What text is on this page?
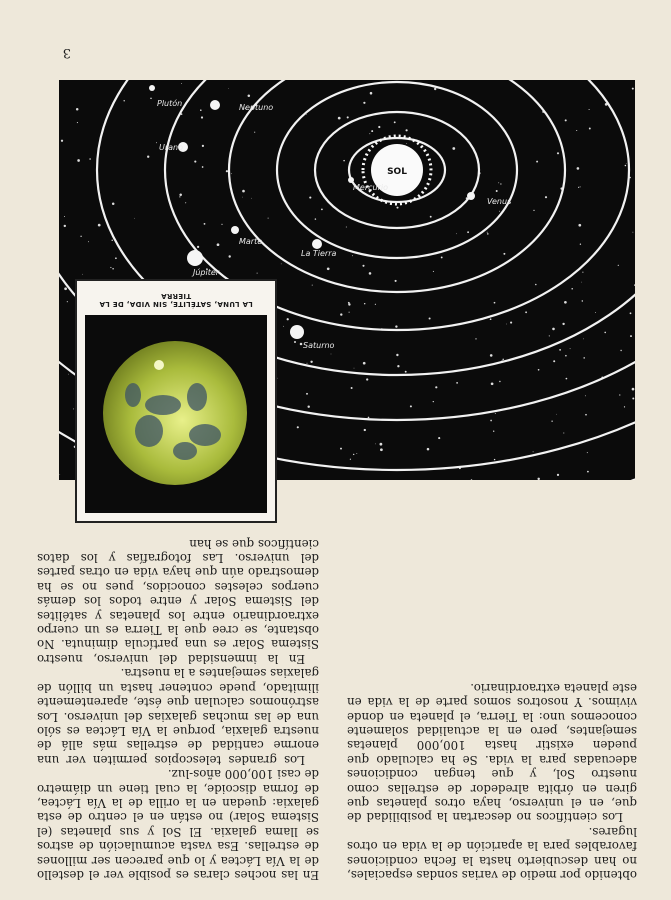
3
SOL
Mercurio
Venus
La Tierra
Marte
Júpiter
Saturno
Urano
Neptuno
Plutón
LA LUNA, SATÉLITE, SIN VIDA, DE LA TIERRA

En las noches claras es posible ver el destello de la Vía Láctea y lo que parecen ser millones de estrellas. Esa vasta acumulación de astros se llama galaxia. El Sol y sus planetas (el Sistema Solar) no están en el centro de esta galaxia: quedan en la orilla de la Vía Láctea, de forma discoide, la cual tiene un diámetro de casi 100,000 años-luz.

Los grandes telescopios permiten ver una enorme cantidad de estrellas más allá de nuestra galaxia, porque la Vía Láctea es sólo una de las muchas galaxias del universo. Los astrónomos calculan que éste, aparentemente ilimitado, puede contener hasta un billón de galaxias semejantes a la nuestra.

En la inmensidad del universo, nuestro Sistema Solar es una partícula diminuta. No obstante, se cree que la Tierra es un cuerpo extraordinario entre los planetas y satélites del Sistema Solar y entre todos los demás cuerpos celestes conocidos, pues no se ha demostrado aún que haya vida en otras partes del universo. Las fotografías y los datos científicos que se han

obtenido por medio de varias sondas espaciales, no han descubierto hasta la fecha condiciones favorables para la aparición de la vida en otros lugares.

Los científicos no descartan la posibilidad de que, en el universo, haya otros planetas que giren en órbita alrededor de estrellas como nuestro Sol, y que tengan condiciones adecuadas para la vida. Se ha calculado que pueden existir hasta 100,000 planetas semejantes, pero en la actualidad solamente conocemos uno: la Tierra, el planeta en donde vivimos. Y nosotros somos parte de la vida en este planeta extraordinario.
